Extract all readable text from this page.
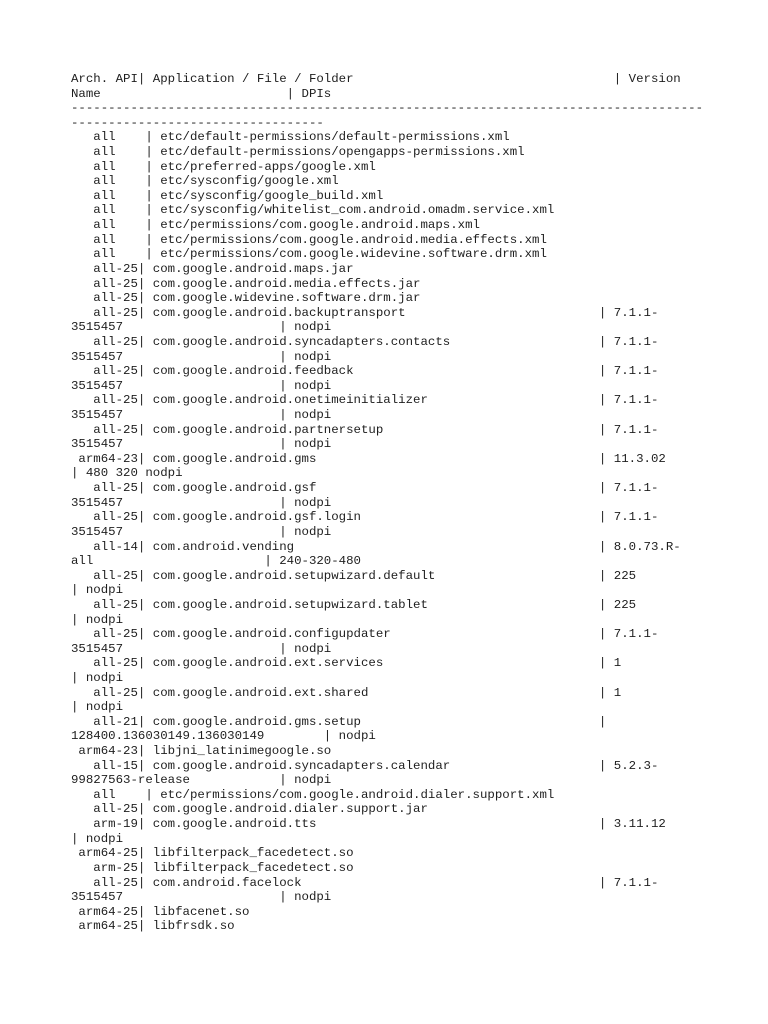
Arch. API| Application / File / Folder                                   | Version
Name                         | DPIs
-------------------------------------------------------------------------------------
----------------------------------
all    | etc/default-permissions/default-permissions.xml
all    | etc/default-permissions/opengapps-permissions.xml
all    | etc/preferred-apps/google.xml
all    | etc/sysconfig/google.xml
all    | etc/sysconfig/google_build.xml
all    | etc/sysconfig/whitelist_com.android.omadm.service.xml
all    | etc/permissions/com.google.android.maps.xml
all    | etc/permissions/com.google.android.media.effects.xml
all    | etc/permissions/com.google.widevine.software.drm.xml
all-25| com.google.android.maps.jar
all-25| com.google.android.media.effects.jar
all-25| com.google.widevine.software.drm.jar
all-25| com.google.android.backuptransport                          | 7.1.1-
3515457                     | nodpi
all-25| com.google.android.syncadapters.contacts                    | 7.1.1-
3515457                     | nodpi
all-25| com.google.android.feedback                                 | 7.1.1-
3515457                     | nodpi
all-25| com.google.android.onetimeinitializer                       | 7.1.1-
3515457                     | nodpi
all-25| com.google.android.partnersetup                             | 7.1.1-
3515457                     | nodpi
arm64-23| com.google.android.gms                                      | 11.3.02
| 480 320 nodpi
all-25| com.google.android.gsf                                      | 7.1.1-
3515457                     | nodpi
all-25| com.google.android.gsf.login                                | 7.1.1-
3515457                     | nodpi
all-14| com.android.vending                                         | 8.0.73.R-
all                       | 240-320-480
all-25| com.google.android.setupwizard.default                      | 225
| nodpi
all-25| com.google.android.setupwizard.tablet                       | 225
| nodpi
all-25| com.google.android.configupdater                            | 7.1.1-
3515457                     | nodpi
all-25| com.google.android.ext.services                             | 1
| nodpi
all-25| com.google.android.ext.shared                               | 1
| nodpi
all-21| com.google.android.gms.setup                                |
128400.136030149.136030149        | nodpi
arm64-23| libjni_latinimegoogle.so
all-15| com.google.android.syncadapters.calendar                    | 5.2.3-
99827563-release            | nodpi
all    | etc/permissions/com.google.android.dialer.support.xml
all-25| com.google.android.dialer.support.jar
arm-19| com.google.android.tts                                      | 3.11.12
| nodpi
arm64-25| libfilterpack_facedetect.so
arm-25| libfilterpack_facedetect.so
all-25| com.android.facelock                                        | 7.1.1-
3515457                     | nodpi
arm64-25| libfacenet.so
arm64-25| libfrsdk.so
